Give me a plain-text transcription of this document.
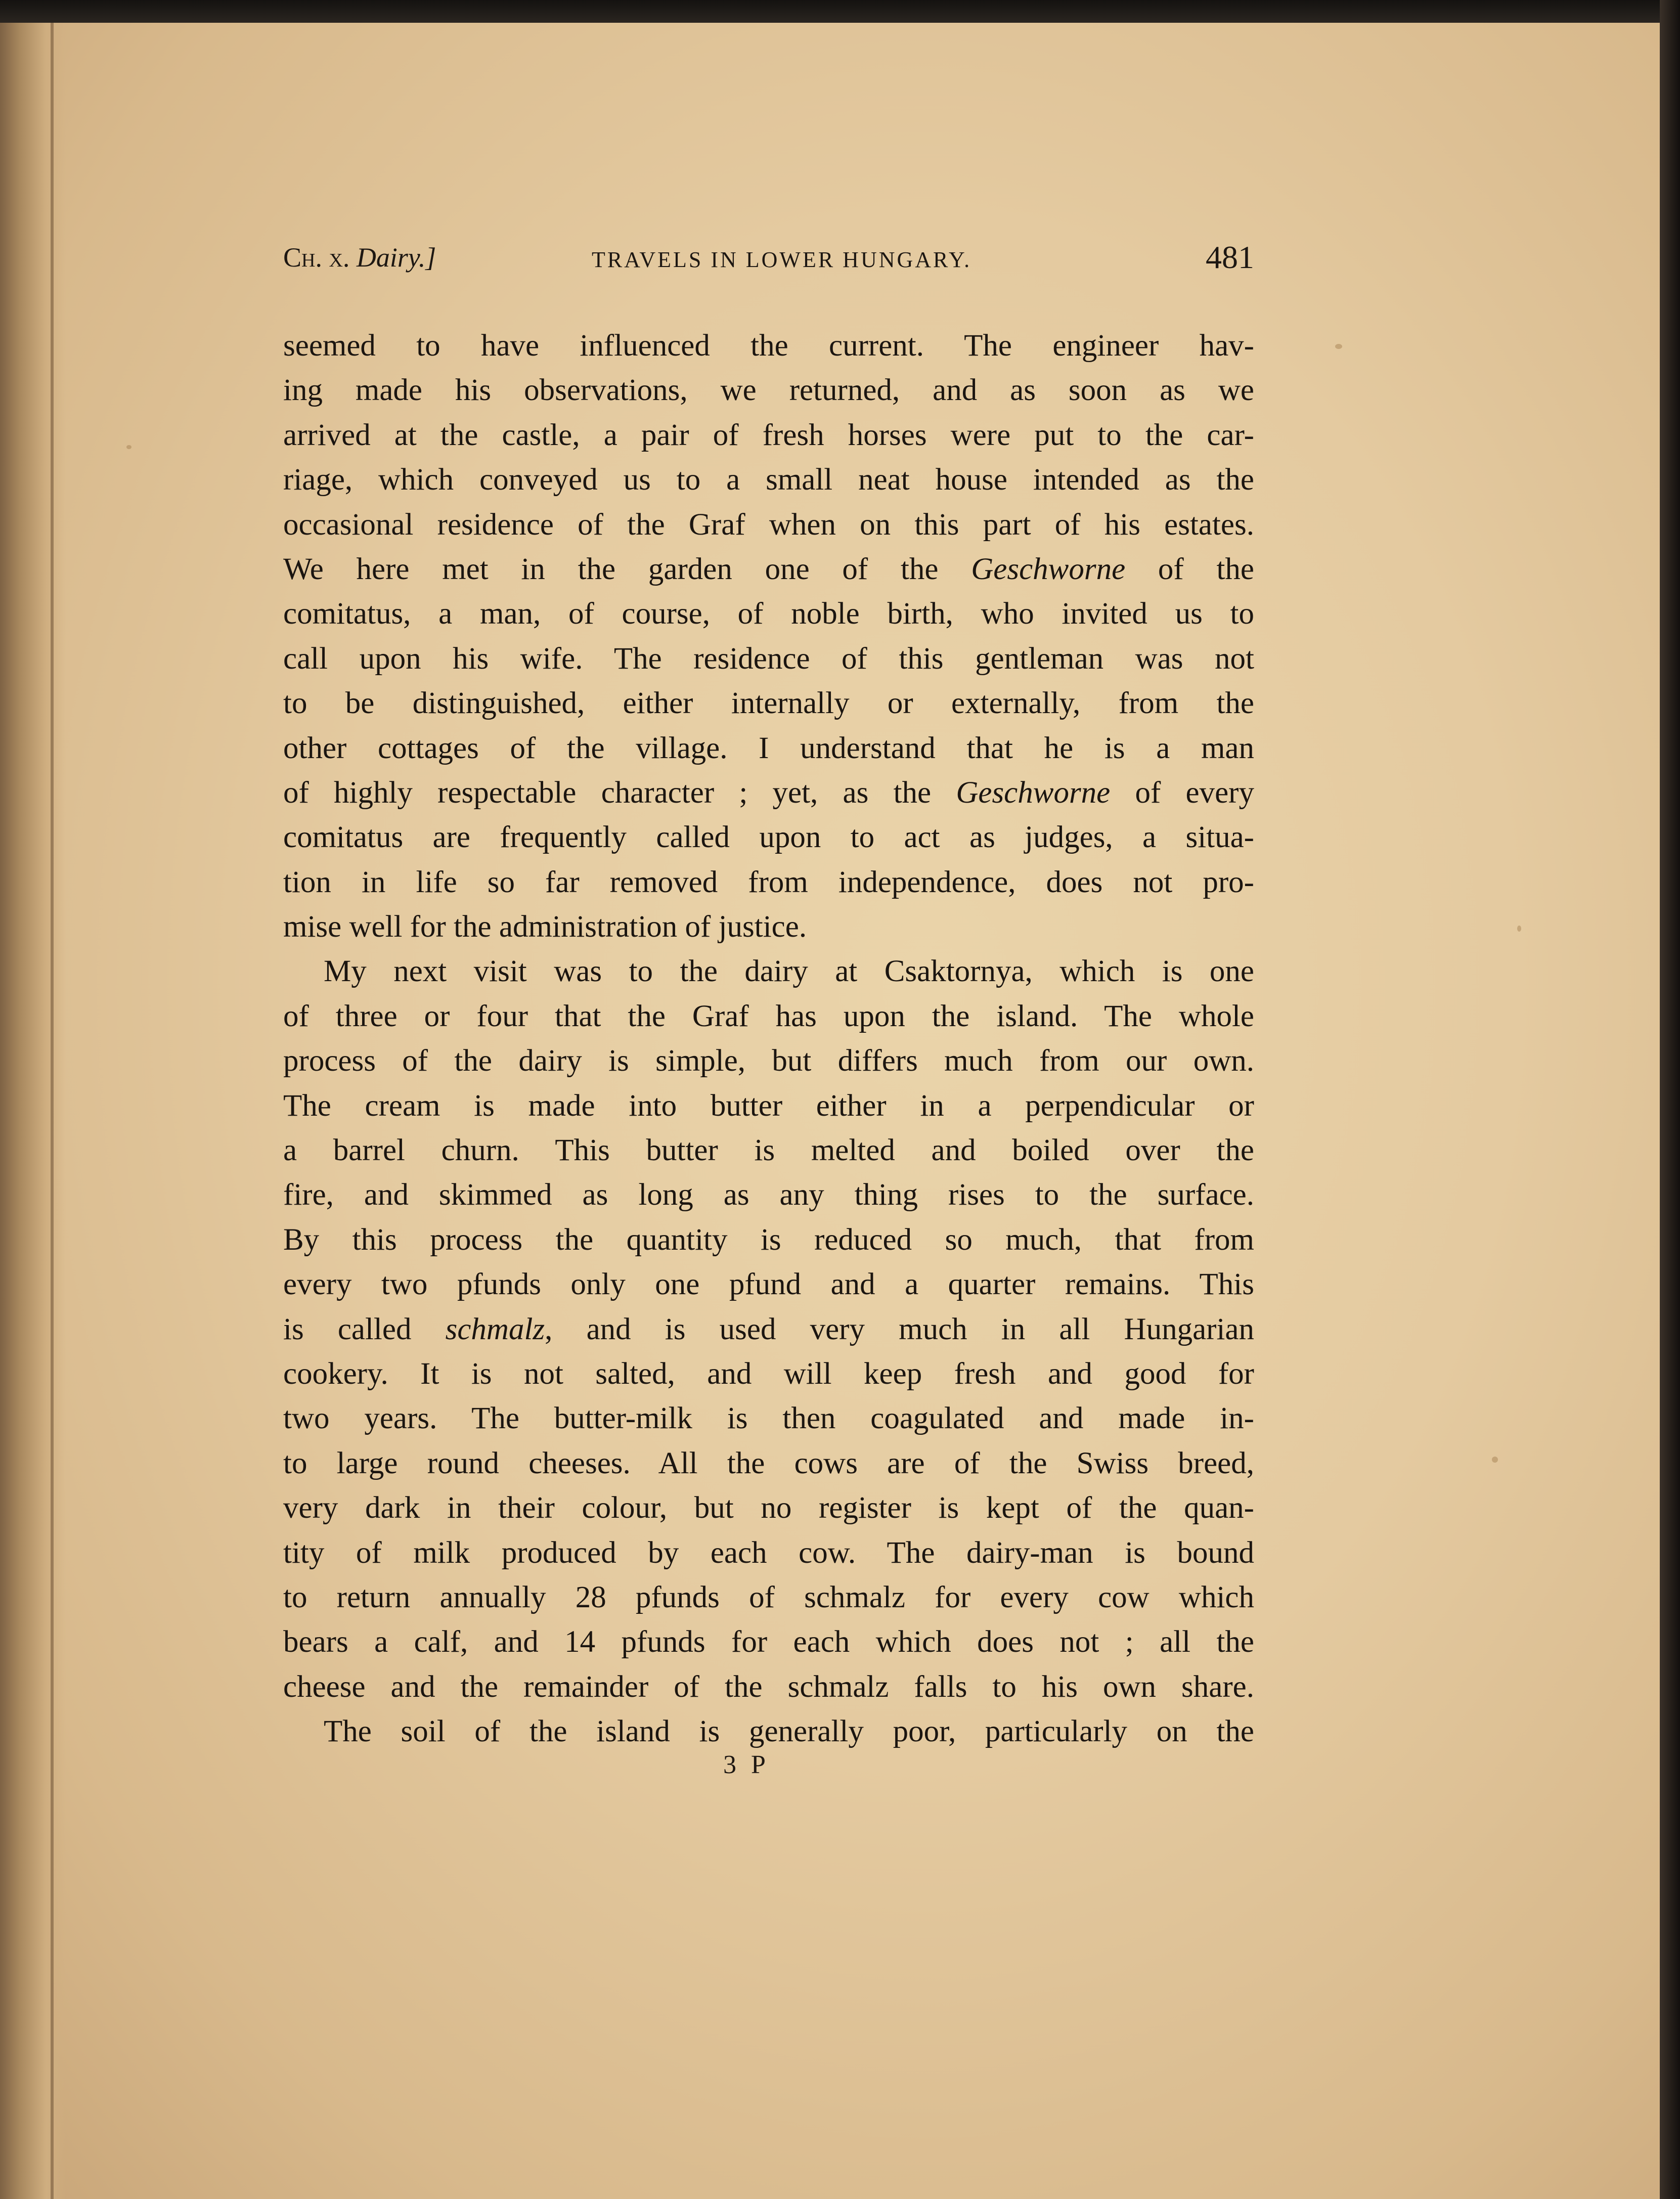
Ch. x. Dairy.]	TRAVELS IN LOWER HUNGARY.	481
seemed to have influenced the current. The engineer hav-
ing made his observations, we returned, and as soon as we
arrived at the castle, a pair of fresh horses were put to the car-
riage, which conveyed us to a small neat house intended as the
occasional residence of the Graf when on this part of his estates.
We here met in the garden one of the Geschworne of the
comitatus, a man, of course, of noble birth, who invited us to
call upon his wife. The residence of this gentleman was not
to be distinguished, either internally or externally, from the
other cottages of the village. I understand that he is a man
of highly respectable character ; yet, as the Geschworne of every
comitatus are frequently called upon to act as judges, a situa-
tion in life so far removed from independence, does not pro-
mise well for the administration of justice.
My next visit was to the dairy at Csaktornya, which is one
of three or four that the Graf has upon the island. The whole
process of the dairy is simple, but differs much from our own.
The cream is made into butter either in a perpendicular or
a barrel churn. This butter is melted and boiled over the
fire, and skimmed as long as any thing rises to the surface.
By this process the quantity is reduced so much, that from
every two pfunds only one pfund and a quarter remains. This
is called schmalz, and is used very much in all Hungarian
cookery. It is not salted, and will keep fresh and good for
two years. The butter-milk is then coagulated and made in-
to large round cheeses. All the cows are of the Swiss breed,
very dark in their colour, but no register is kept of the quan-
tity of milk produced by each cow. The dairy-man is bound
to return annually 28 pfunds of schmalz for every cow which
bears a calf, and 14 pfunds for each which does not ; all the
cheese and the remainder of the schmalz falls to his own share.
The soil of the island is generally poor, particularly on the
3 P
